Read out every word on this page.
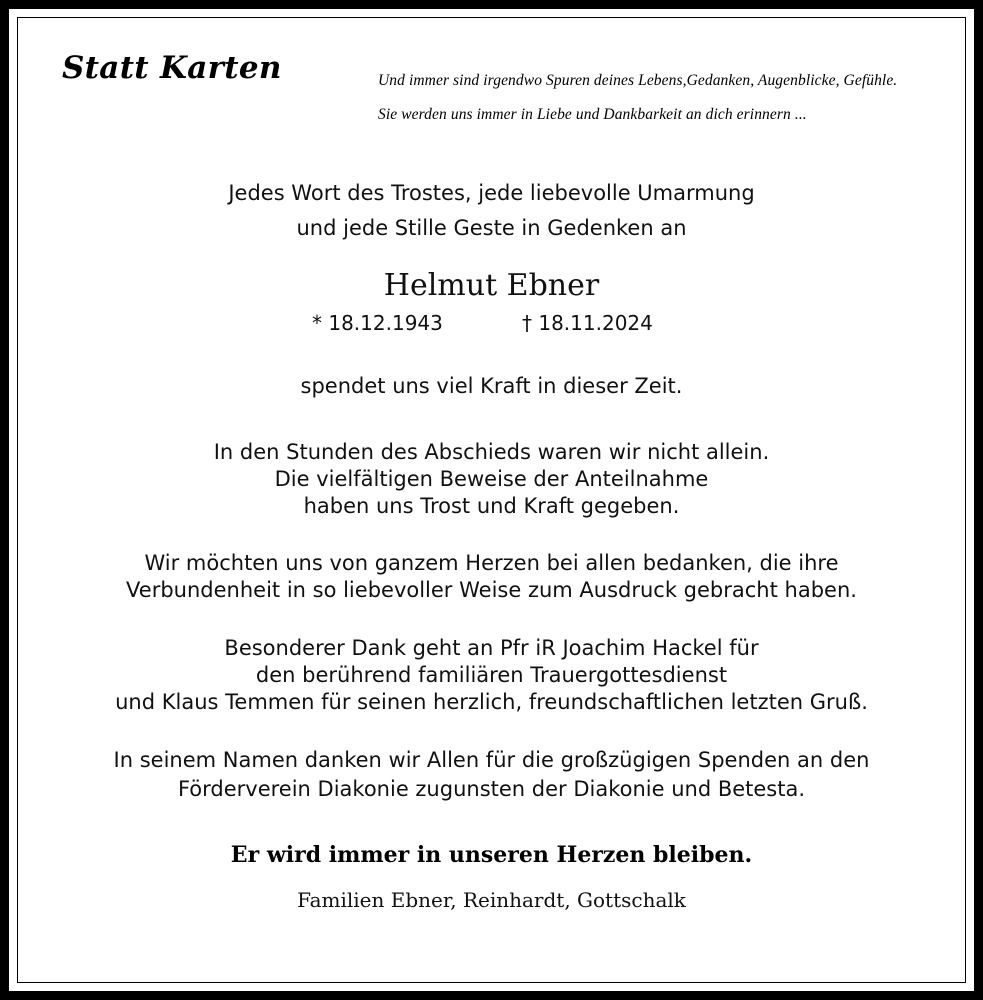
Statt Karten	Und immer sind irgendwo Spuren deines Lebens,Gedanken, Augenblicke, Gefühle.
Sie werden uns immer in Liebe und Dankbarkeit an dich erinnern ...
Jedes Wort des Trostes, jede liebevolle Umarmung
und jede Stille Geste in Gedenken an
Helmut Ebner
* 18.12.1943	† 18.11.2024
spendet uns viel Kraft in dieser Zeit.
In den Stunden des Abschieds waren wir nicht allein.
Die vielfältigen Beweise der Anteilnahme
haben uns Trost und Kraft gegeben.
Wir möchten uns von ganzem Herzen bei allen bedanken, die ihre
Verbundenheit in so liebevoller Weise zum Ausdruck gebracht haben.
Besonderer Dank geht an Pfr iR Joachim Hackel für
den berührend familiären Trauergottesdienst
und Klaus Temmen für seinen herzlich, freundschaftlichen letzten Gruß.
In seinem Namen danken wir Allen für die großzügigen Spenden an den
Förderverein Diakonie zugunsten der Diakonie und Betesta.
Er wird immer in unseren Herzen bleiben.
Familien Ebner, Reinhardt, Gottschalk
